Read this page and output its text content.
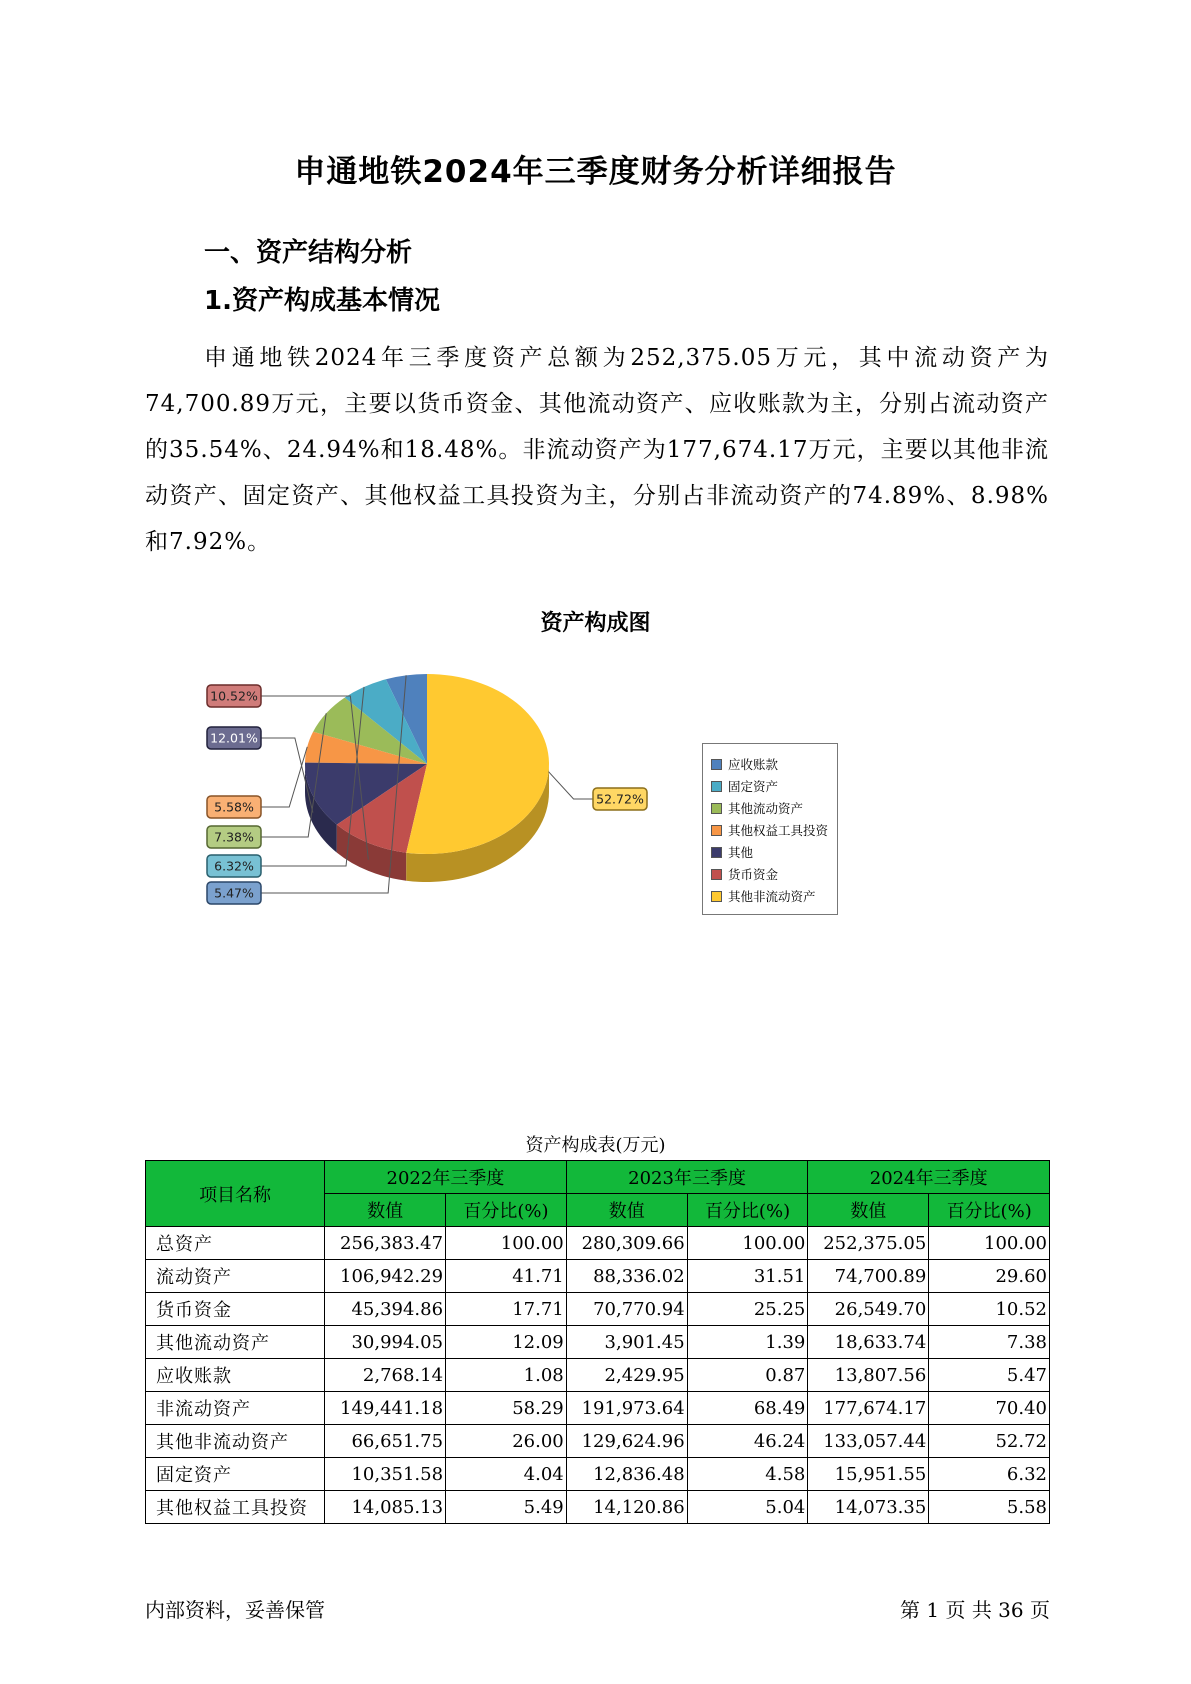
申通地铁2024年三季度财务分析详细报告
一、资产结构分析
1.资产构成基本情况
申通地铁2024年三季度资产总额为252,375.05万元，其中流动资产为74,700.89万元，主要以货币资金、其他流动资产、应收账款为主，分别占流动资产的35.54%、24.94%和18.48%。非流动资产为177,674.17万元，主要以其他非流动资产、固定资产、其他权益工具投资为主，分别占非流动资产的74.89%、8.98%和7.92%。
资产构成图
10.52%
12.01%
5.58%
7.38%
6.32%
5.47%
52.72%
应收账款
固定资产
其他流动资产
其他权益工具投资
其他
货币资金
其他非流动资产
资产构成表(万元)
项目名称	2022年三季度		2023年三季度		2024年三季度	
	数值	百分比(%)	数值	百分比(%)	数值	百分比(%)
总资产	256,383.47	100.00	280,309.66	100.00	252,375.05	100.00
流动资产	106,942.29	41.71	88,336.02	31.51	74,700.89	29.60
货币资金	45,394.86	17.71	70,770.94	25.25	26,549.70	10.52
其他流动资产	30,994.05	12.09	3,901.45	1.39	18,633.74	7.38
应收账款	2,768.14	1.08	2,429.95	0.87	13,807.56	5.47
非流动资产	149,441.18	58.29	191,973.64	68.49	177,674.17	70.40
其他非流动资产	66,651.75	26.00	129,624.96	46.24	133,057.44	52.72
固定资产	10,351.58	4.04	12,836.48	4.58	15,951.55	6.32
其他权益工具投资	14,085.13	5.49	14,120.86	5.04	14,073.35	5.58
内部资料，妥善保管	第 1 页 共 36 页
